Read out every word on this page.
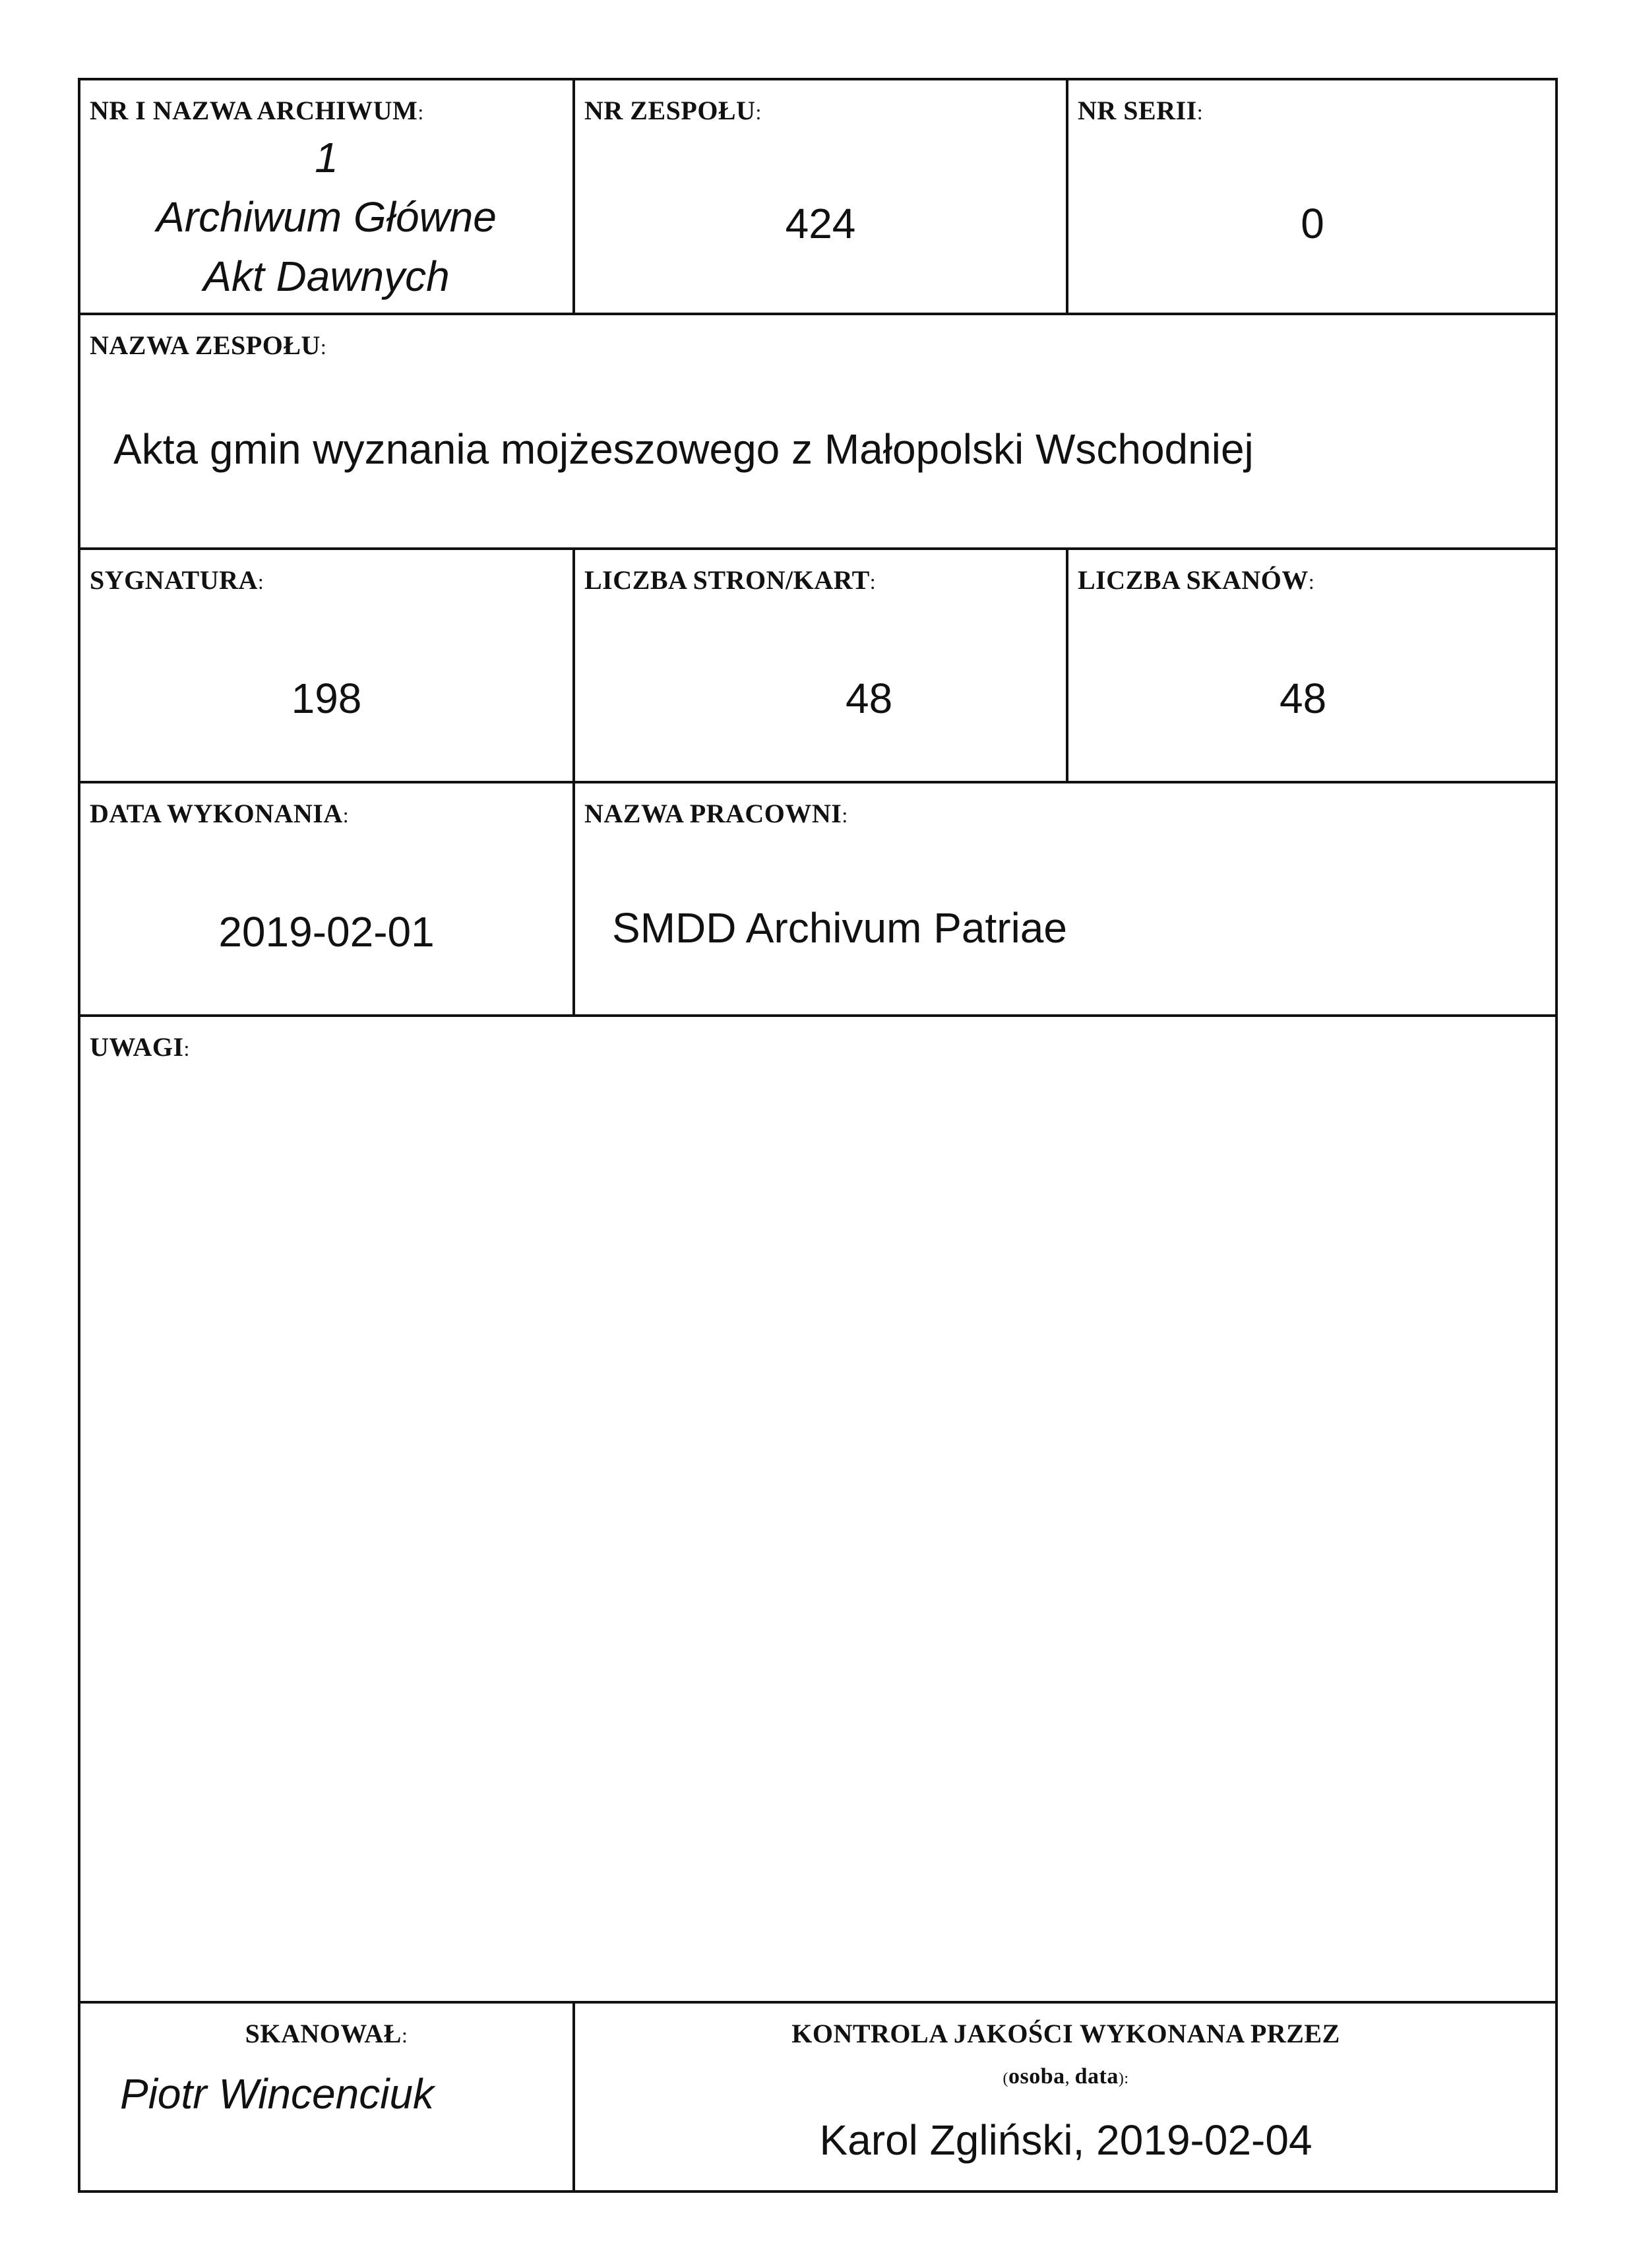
NR I NAZWA ARCHIWUM:
1
Archiwum Główne
Akt Dawnych
NR ZESPOŁU:
424
NR SERII:
0
NAZWA ZESPOŁU:
Akta gmin wyznania mojżeszowego z Małopolski Wschodniej
SYGNATURA:
198
LICZBA STRON/KART:
48
LICZBA SKANÓW:
48
DATA WYKONANIA:
2019-02-01
NAZWA PRACOWNI:
SMDD Archivum Patriae
UWAGI:
SKANOWAŁ:
Piotr Wincenciuk
KONTROLA JAKOŚCI WYKONANA PRZEZ
(osoba, data):
Karol Zgliński, 2019-02-04
